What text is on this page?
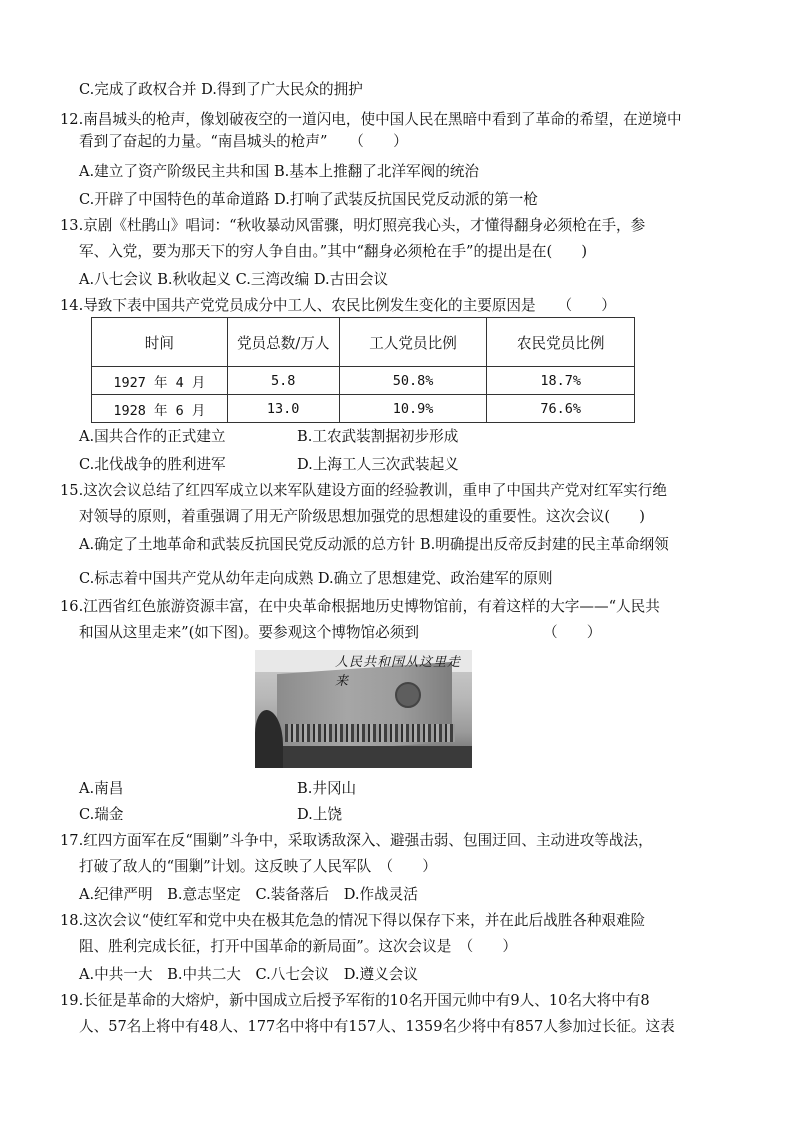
C.完成了政权合并 D.得到了广大民众的拥护
12.南昌城头的枪声，像划破夜空的一道闪电，使中国人民在黑暗中看到了革命的希望，在逆境中
看到了奋起的力量。“南昌城头的枪声”　　（　　）
A.建立了资产阶级民主共和国 B.基本上推翻了北洋军阀的统治
C.开辟了中国特色的革命道路 D.打响了武装反抗国民党反动派的第一枪
13.京剧《杜鹃山》唱词：“秋收暴动风雷骤，明灯照亮我心头，才懂得翻身必须枪在手，参
军、入党，要为那天下的穷人争自由。”其中“翻身必须枪在手”的提出是在(　　)
A.八七会议 B.秋收起义 C.三湾改编 D.古田会议
14.导致下表中国共产党党员成分中工人、农民比例发生变化的主要原因是　　（　　）
时间	党员总数/万人	工人党员比例	农民党员比例
1927 年 4 月	5.8	50.8%	18.7%
1928 年 6 月	13.0	10.9%	76.6%
A.国共合作的正式建立	B.工农武装割据初步形成
C.北伐战争的胜利进军	D.上海工人三次武装起义
15.这次会议总结了红四军成立以来军队建设方面的经验教训，重申了中国共产党对红军实行绝
对领导的原则，着重强调了用无产阶级思想加强党的思想建设的重要性。这次会议(　　)
A.确定了土地革命和武装反抗国民党反动派的总方针 B.明确提出反帝反封建的民主革命纲领
C.标志着中国共产党从幼年走向成熟 D.确立了思想建党、政治建军的原则
16.江西省红色旅游资源丰富，在中央革命根据地历史博物馆前，有着这样的大字——“人民共
和国从这里走来”(如下图)。要参观这个博物馆必须到　　　　　　　　　（　　）
人民共和国从这里走来
A.南昌	B.井冈山
C.瑞金	D.上饶
17.红四方面军在反“围剿”斗争中，采取诱敌深入、避强击弱、包围迂回、主动进攻等战法，
打破了敌人的“围剿”计划。这反映了人民军队　（　　）
A.纪律严明　B.意志坚定　C.装备落后　D.作战灵活
18.这次会议“使红军和党中央在极其危急的情况下得以保存下来，并在此后战胜各种艰难险
阻、胜利完成长征，打开中国革命的新局面”。这次会议是　（　　）
A.中共一大　B.中共二大　C.八七会议　D.遵义会议
19.长征是革命的大熔炉，新中国成立后授予军衔的10名开国元帅中有9人、10名大将中有8
人、57名上将中有48人、177名中将中有157人、1359名少将中有857人参加过长征。这表
